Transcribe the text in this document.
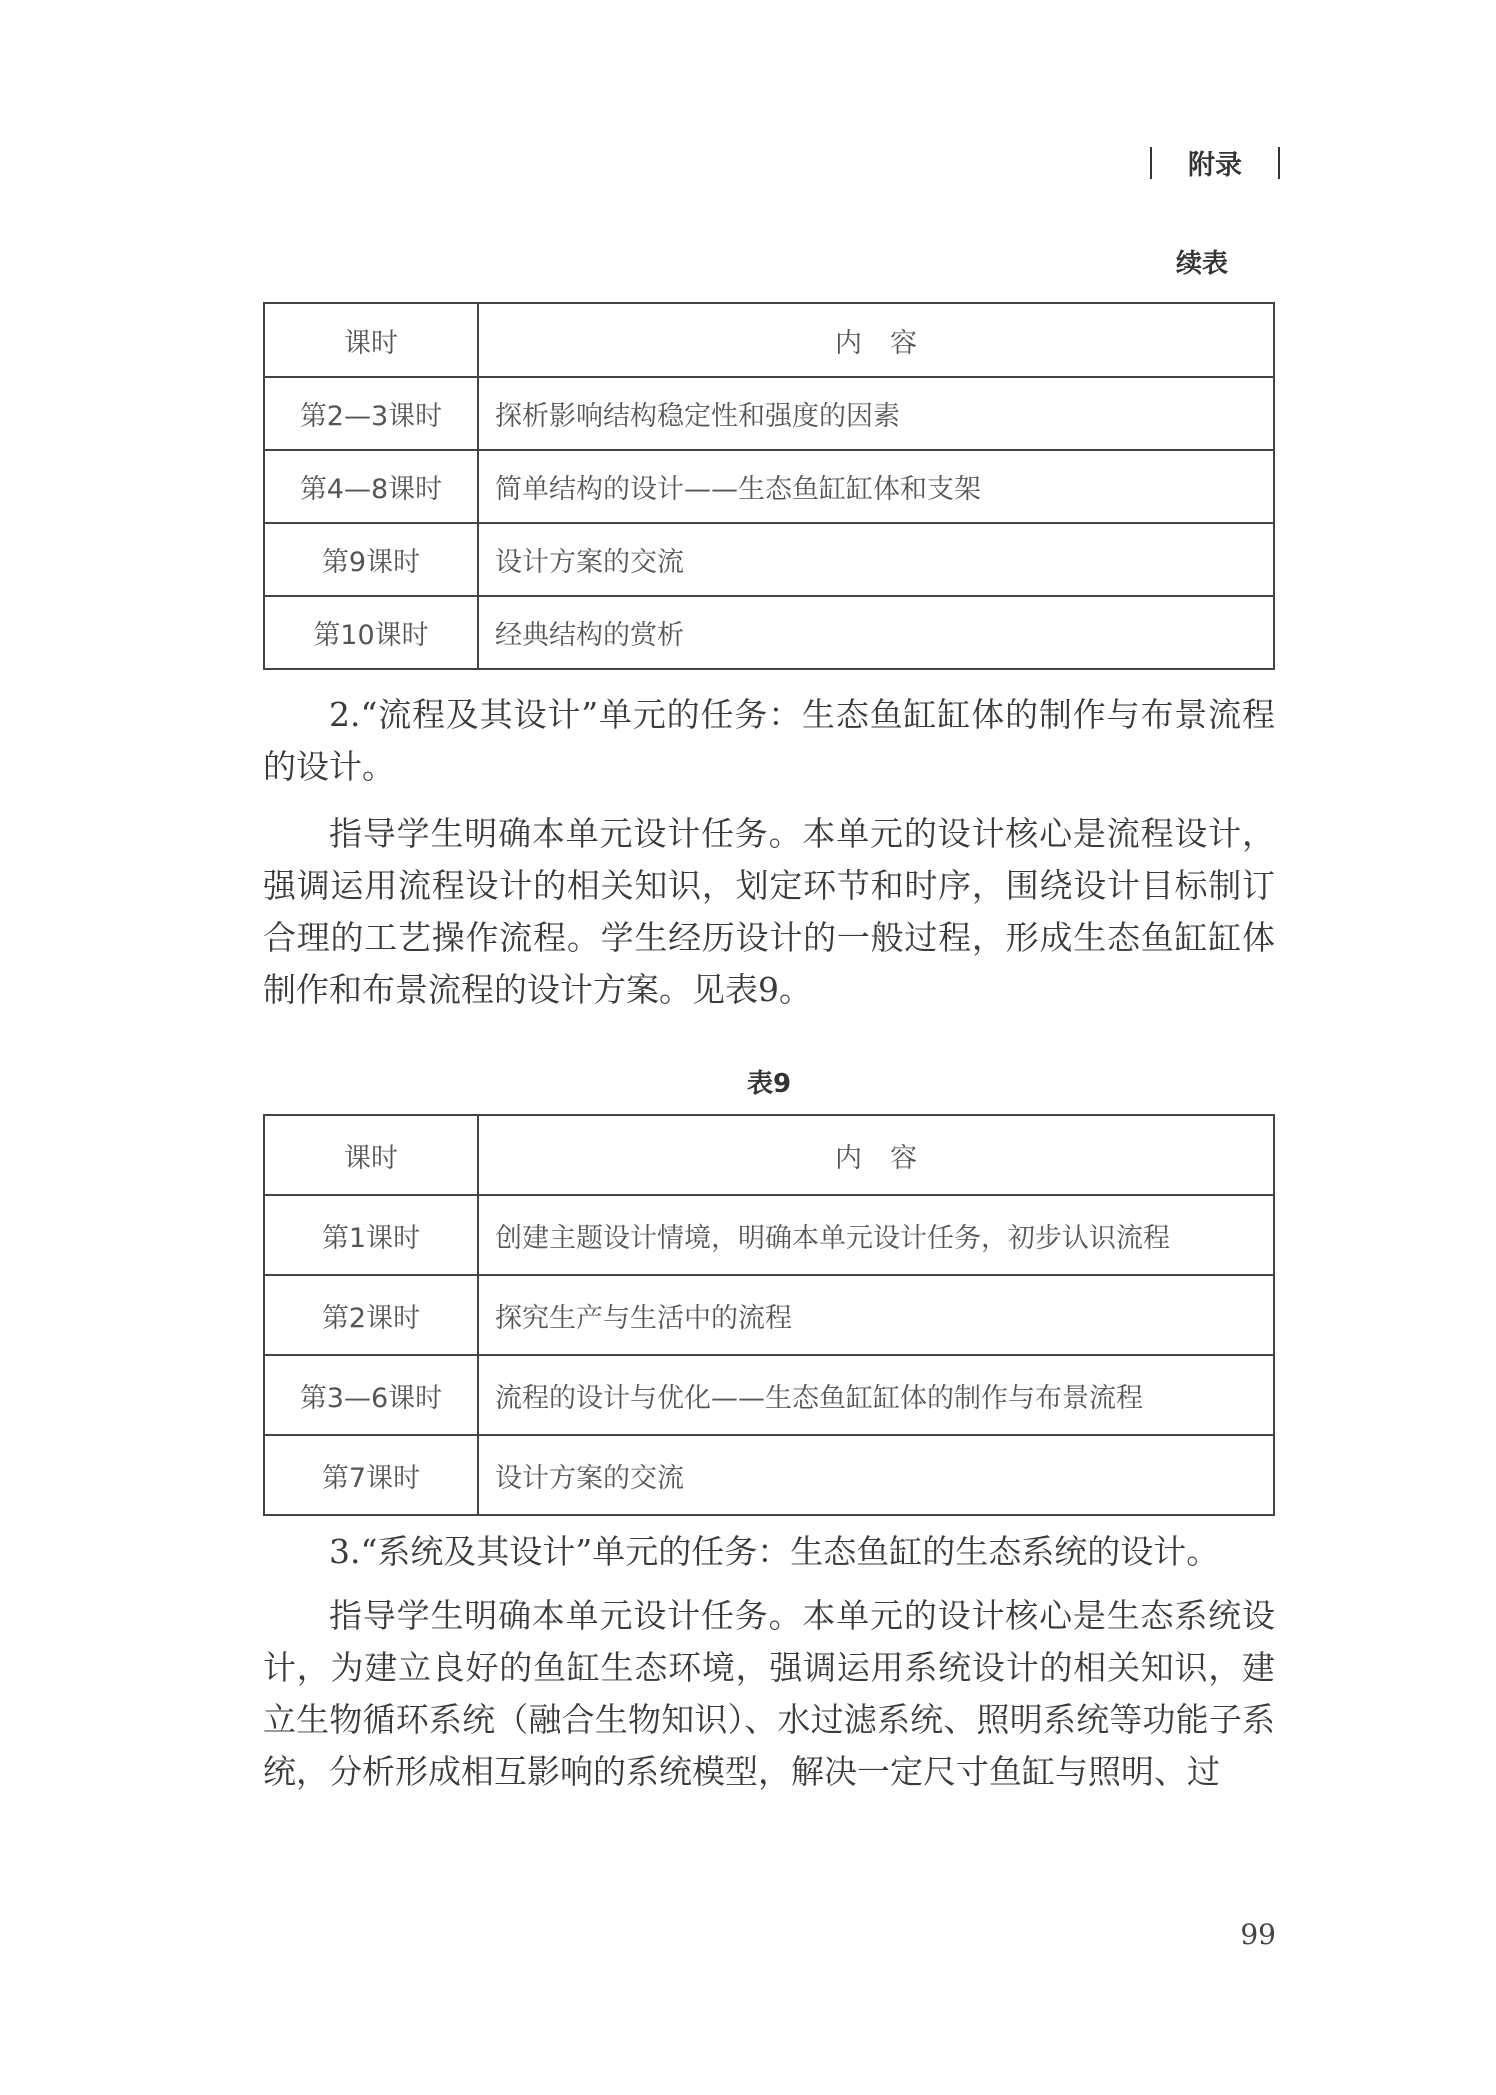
附录
续表
课时	内容
第2—3课时	探析影响结构稳定性和强度的因素
第4—8课时	简单结构的设计——生态鱼缸缸体和支架
第9课时	设计方案的交流
第10课时	经典结构的赏析

2.“流程及其设计”单元的任务：生态鱼缸缸体的制作与布景流程的设计。

指导学生明确本单元设计任务。本单元的设计核心是流程设计，强调运用流程设计的相关知识，划定环节和时序，围绕设计目标制订合理的工艺操作流程。学生经历设计的一般过程，形成生态鱼缸缸体制作和布景流程的设计方案。见表9。

表9
课时	内容
第1课时	创建主题设计情境，明确本单元设计任务，初步认识流程
第2课时	探究生产与生活中的流程
第3—6课时	流程的设计与优化——生态鱼缸缸体的制作与布景流程
第7课时	设计方案的交流

3.“系统及其设计”单元的任务：生态鱼缸的生态系统的设计。

指导学生明确本单元设计任务。本单元的设计核心是生态系统设计，为建立良好的鱼缸生态环境，强调运用系统设计的相关知识，建立生物循环系统（融合生物知识）、水过滤系统、照明系统等功能子系统，分析形成相互影响的系统模型，解决一定尺寸鱼缸与照明、过

99
